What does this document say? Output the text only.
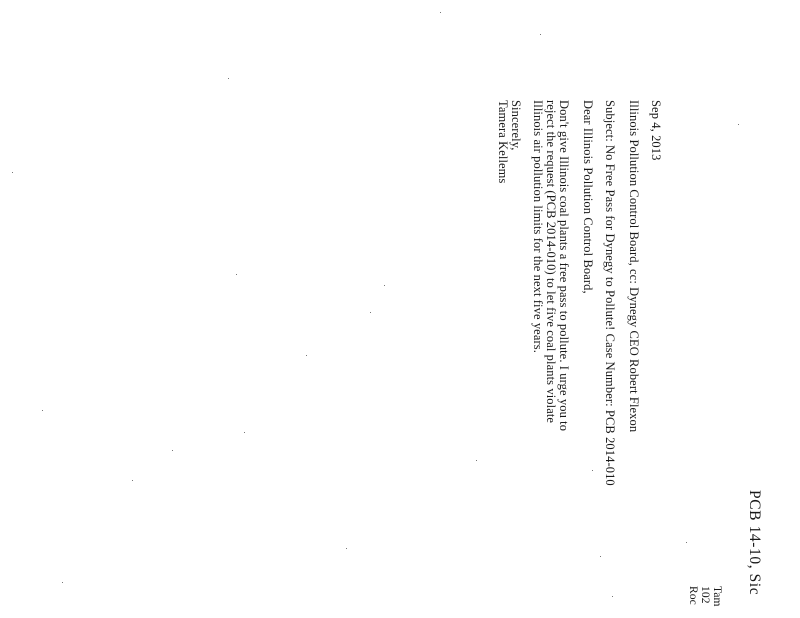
PCB 14-10, Sic
Tam
102
Roc
Sep 4, 2013
Illinois Pollution Control Board, cc: Dynegy CEO Robert Flexon
Subject: No Free Pass for Dynegy to Pollute! Case Number: PCB 2014-010
Dear Illinois Pollution Control Board,
Don't give Illinois coal plants a free pass to pollute. I urge you to
reject the request (PCB 2014-010) to let five coal plants violate
Illinois air pollution limits for the next five years.
Sincerely,
Tamera Kellems
